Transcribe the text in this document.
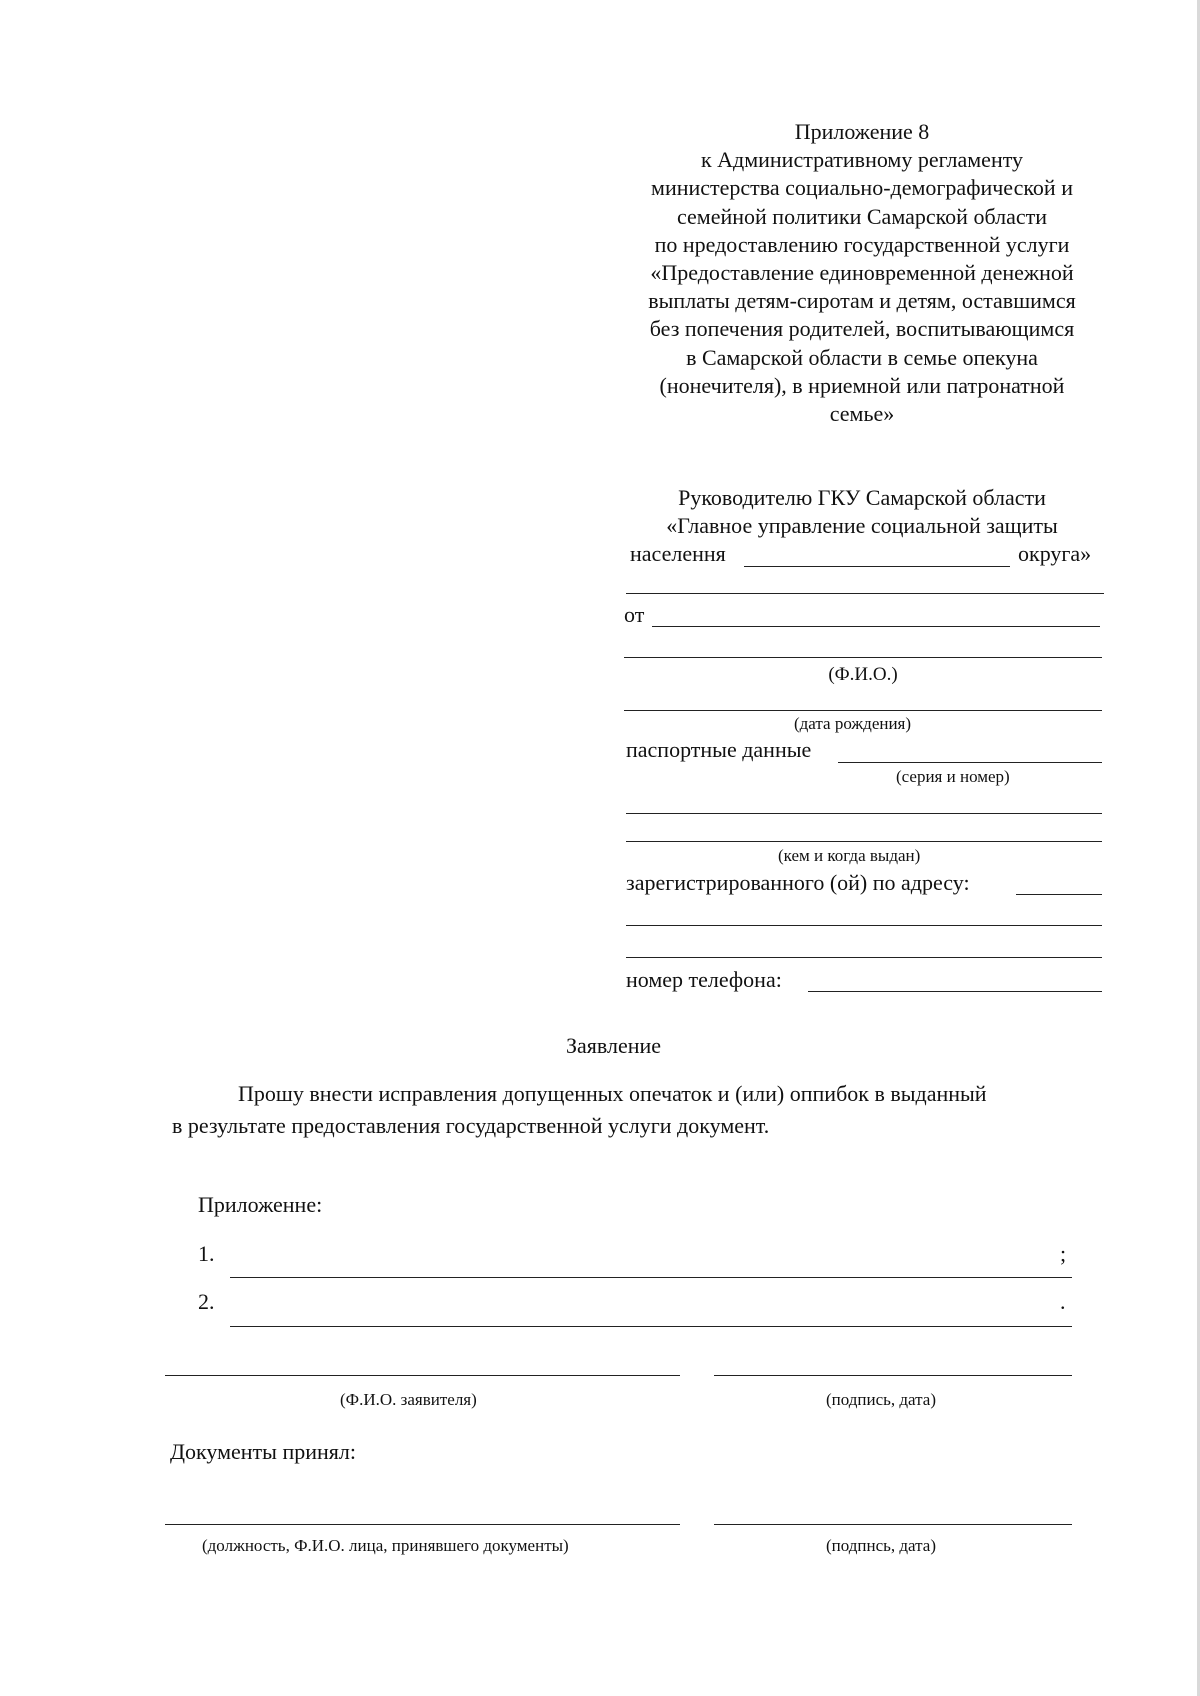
Приложение 8
к Административному регламенту
министерства социально-демографической и
семейной политики Самарской области
по нредоставлению государственной услуги
«Предоставление единовременной денежной
выплаты детям-сиротам и детям, оставшимся
без попечения родителей, воспитывающимся
в Самарской области в семье опекуна
(нонечителя), в нриемной или патронатной
семье»
Руководителю ГКУ Самарской области
«Главное управление социальной защиты
населення	округа»
от
(Ф.И.О.)
(дата рождения)
паспортные данные
(серия и номер)
(кем и когда выдан)
зарегистрированного (ой) по адресу:
номер телефона:
Заявление
Прошу внести исправления допущенных опечаток и (или) оппибок в выданный
в результате предоставления государственной услуги документ.
Приложенне:
1.	;
2.	.
(Ф.И.О. заявителя)	(подпись, дата)
Документы принял:
(должность, Ф.И.О. лица, принявшего документы)	(подпнсь, дата)
